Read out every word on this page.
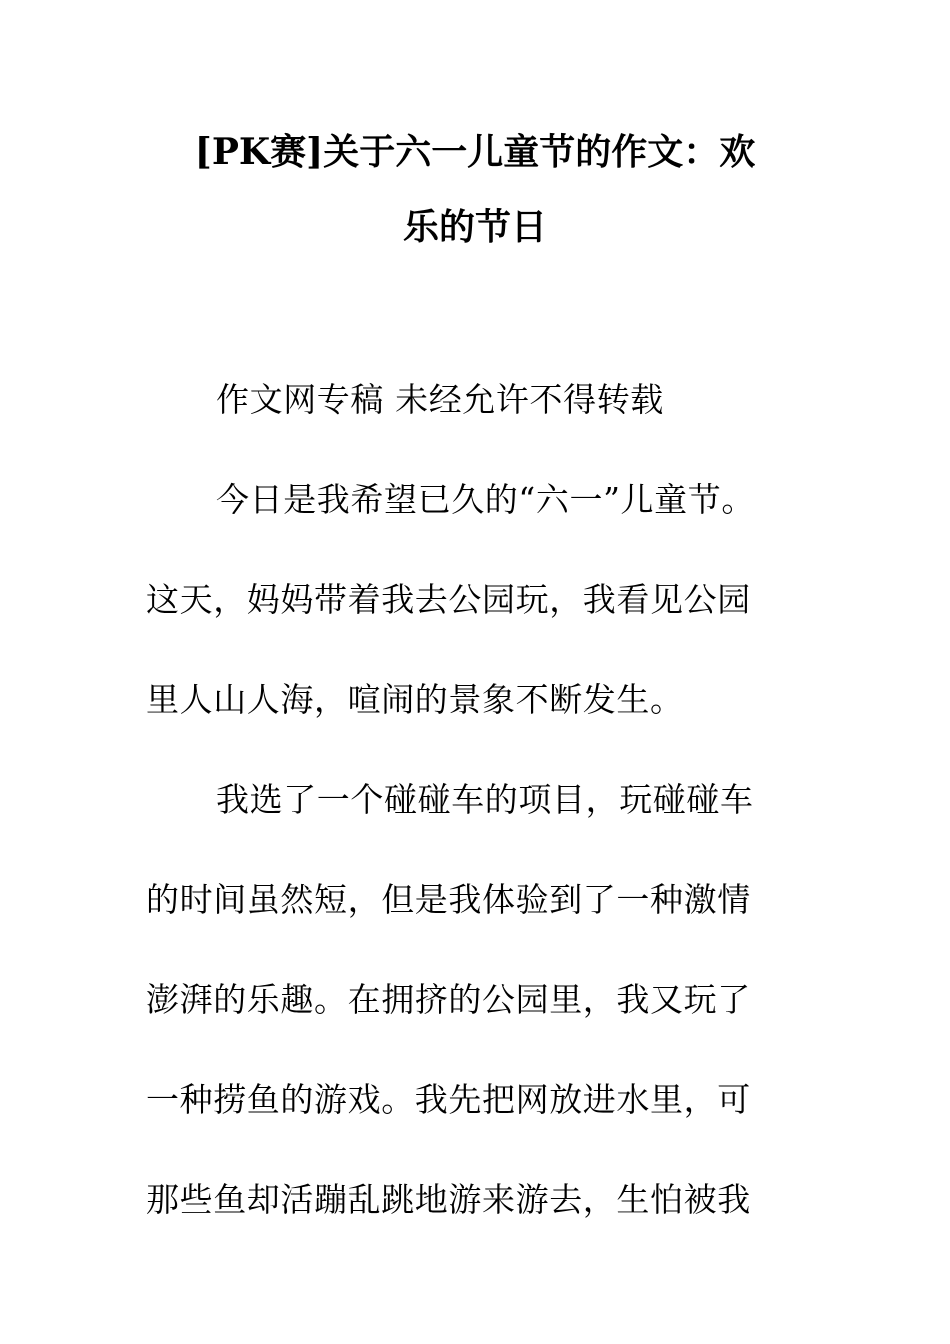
[PK赛]关于六一儿童节的作文：欢
乐的节日
作文网专稿 未经允许不得转载
今日是我希望已久的“六一”儿童节。
这天，妈妈带着我去公园玩，我看见公园
里人山人海，喧闹的景象不断发生。
我选了一个碰碰车的项目，玩碰碰车
的时间虽然短，但是我体验到了一种激情
澎湃的乐趣。在拥挤的公园里，我又玩了
一种捞鱼的游戏。我先把网放进水里，可
那些鱼却活蹦乱跳地游来游去，生怕被我
